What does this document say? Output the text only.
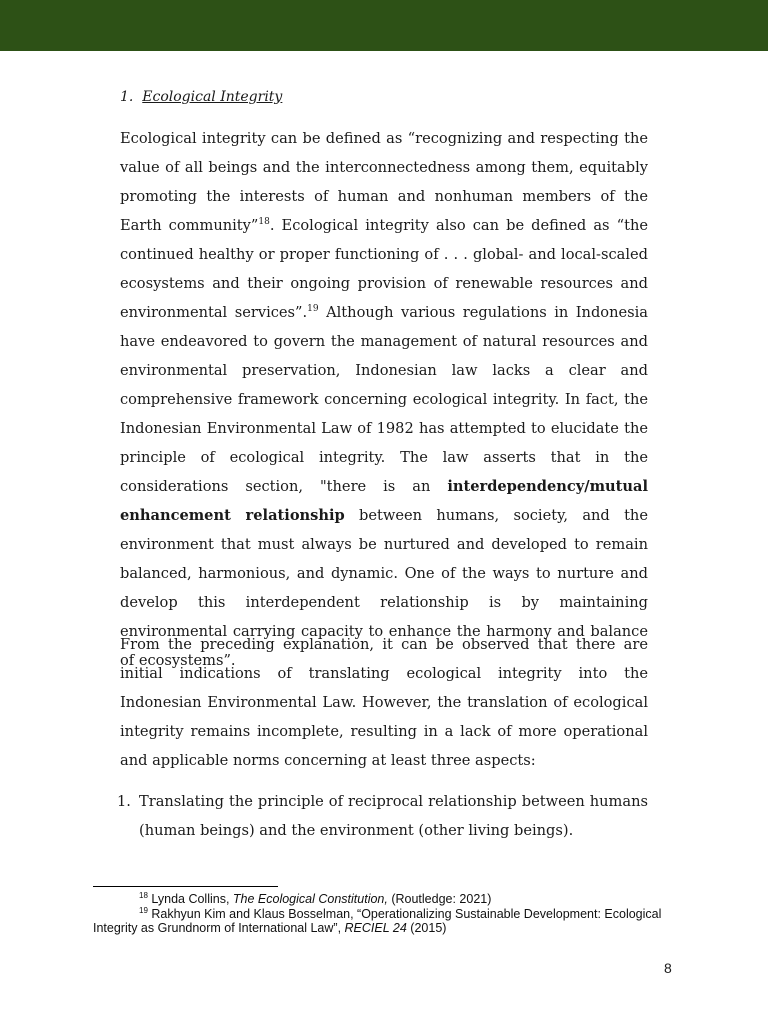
1. Ecological Integrity

Ecological integrity can be defined as “recognizing and respecting the value of all beings and the interconnectedness among them, equitably promoting the interests of human and nonhuman members of the Earth community”$^{18}$. Ecological integrity also can be defined as “the continued healthy or proper functioning of . . . global- and local-scaled ecosystems and their ongoing provision of renewable resources and environmental services”.$^{19}$ Although various regulations in Indonesia have endeavored to govern the management of natural resources and environmental preservation, Indonesian law lacks a clear and comprehensive framework concerning ecological integrity. In fact, the Indonesian Environmental Law of 1982 has attempted to elucidate the principle of ecological integrity. The law asserts that in the considerations section, "there is an interdependency/mutual enhancement relationship between humans, society, and the environment that must always be nurtured and developed to remain balanced, harmonious, and dynamic. One of the ways to nurture and develop this interdependent relationship is by maintaining environmental carrying capacity to enhance the harmony and balance of ecosystems”.

From the preceding explanation, it can be observed that there are initial indications of translating ecological integrity into the Indonesian Environmental Law. However, the translation of ecological integrity remains incomplete, resulting in a lack of more operational and applicable norms concerning at least three aspects:

1. Translating the principle of reciprocal relationship between humans (human beings) and the environment (other living beings).

$^{18}$ Lynda Collins, The Ecological Constitution, (Routledge: 2021)

$^{19}$ Rakhyun Kim and Klaus Bosselman, “Operationalizing Sustainable Development: Ecological Integrity as Grundnorm of International Law”, RECIEL 24 (2015)

8
